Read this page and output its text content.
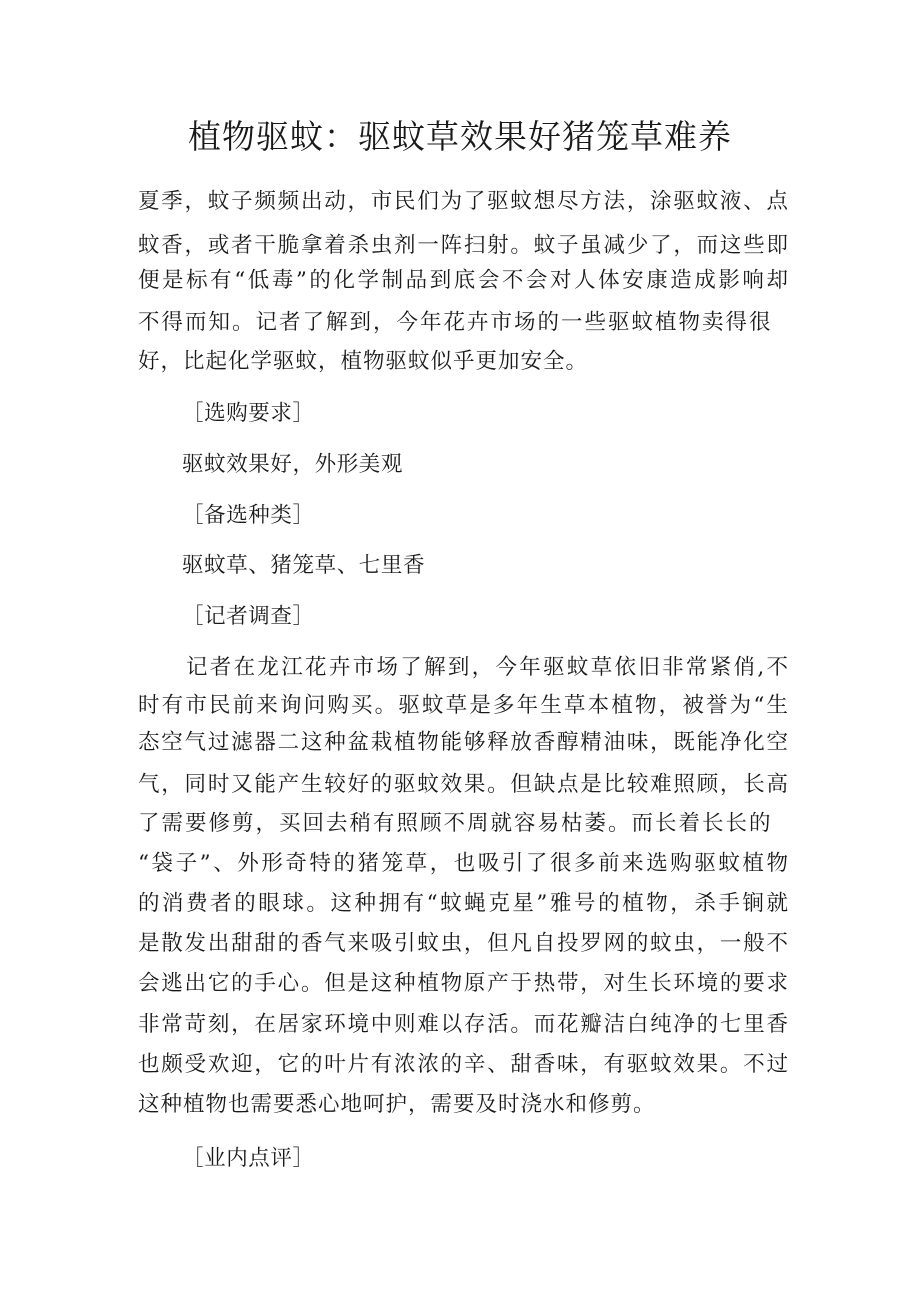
植物驱蚊：驱蚊草效果好猪笼草难养
夏季，蚊子频频出动，市民们为了驱蚊想尽方法，涂驱蚊液、点
蚊香，或者干脆拿着杀虫剂一阵扫射。蚊子虽减少了，而这些即
便是标有“低毒”的化学制品到底会不会对人体安康造成影响却
不得而知。记者了解到，今年花卉市场的一些驱蚊植物卖得很
好，比起化学驱蚊，植物驱蚊似乎更加安全。
［选购要求］
驱蚊效果好，外形美观
［备选种类］
驱蚊草、猪笼草、七里香
［记者调查］
记者在龙江花卉市场了解到，今年驱蚊草依旧非常紧俏,不
时有市民前来询问购买。驱蚊草是多年生草本植物，被誉为“生
态空气过滤器二这种盆栽植物能够释放香醇精油味，既能净化空
气，同时又能产生较好的驱蚊效果。但缺点是比较难照顾，长高
了需要修剪，买回去稍有照顾不周就容易枯萎。而长着长长的
“袋子”、外形奇特的猪笼草，也吸引了很多前来选购驱蚊植物
的消费者的眼球。这种拥有“蚊蝇克星”雅号的植物，杀手锏就
是散发出甜甜的香气来吸引蚊虫，但凡自投罗网的蚊虫，一般不
会逃出它的手心。但是这种植物原产于热带，对生长环境的要求
非常苛刻，在居家环境中则难以存活。而花瓣洁白纯净的七里香
也颇受欢迎，它的叶片有浓浓的辛、甜香味，有驱蚊效果。不过
这种植物也需要悉心地呵护，需要及时浇水和修剪。
［业内点评］
